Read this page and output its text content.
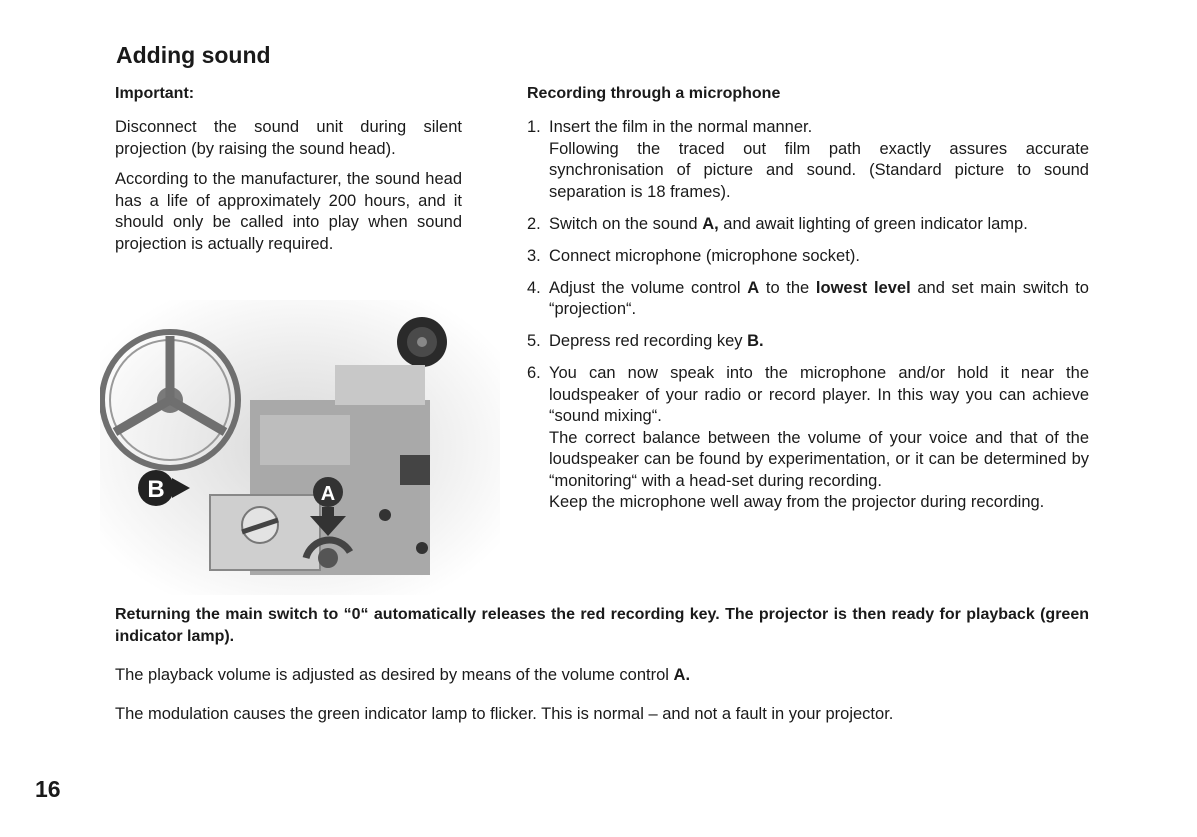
Adding sound
Important:
Disconnect the sound unit during silent projection (by raising the sound head).
According to the manufacturer, the sound head has a life of approximately 200 hours, and it should only be called into play when sound projection is actually required.
B	A
Recording through a microphone
1. Insert the film in the normal manner.

Following the traced out film path exactly assures accurate synchronisation of picture and sound. (Standard picture to sound separation is 18 frames).

2. Switch on the sound A, and await lighting of green indicator lamp.

3. Connect microphone (microphone socket).

4. Adjust the volume control A to the lowest level and set main switch to “projection“.

5. Depress red recording key B.

6. You can now speak into the microphone and/or hold it near the loudspeaker of your radio or record player. In this way you can achieve “sound mixing“.

The correct balance between the volume of your voice and that of the loudspeaker can be found by experimentation, or it can be determined by “monitoring“ with a head-set during recording.

Keep the microphone well away from the projector during recording.

Returning the main switch to “0“ automatically releases the red recording key. The projector is then ready for playback (green indicator lamp).
The playback volume is adjusted as desired by means of the volume control A.
The modulation causes the green indicator lamp to flicker. This is normal – and not a fault in your projector.
16
